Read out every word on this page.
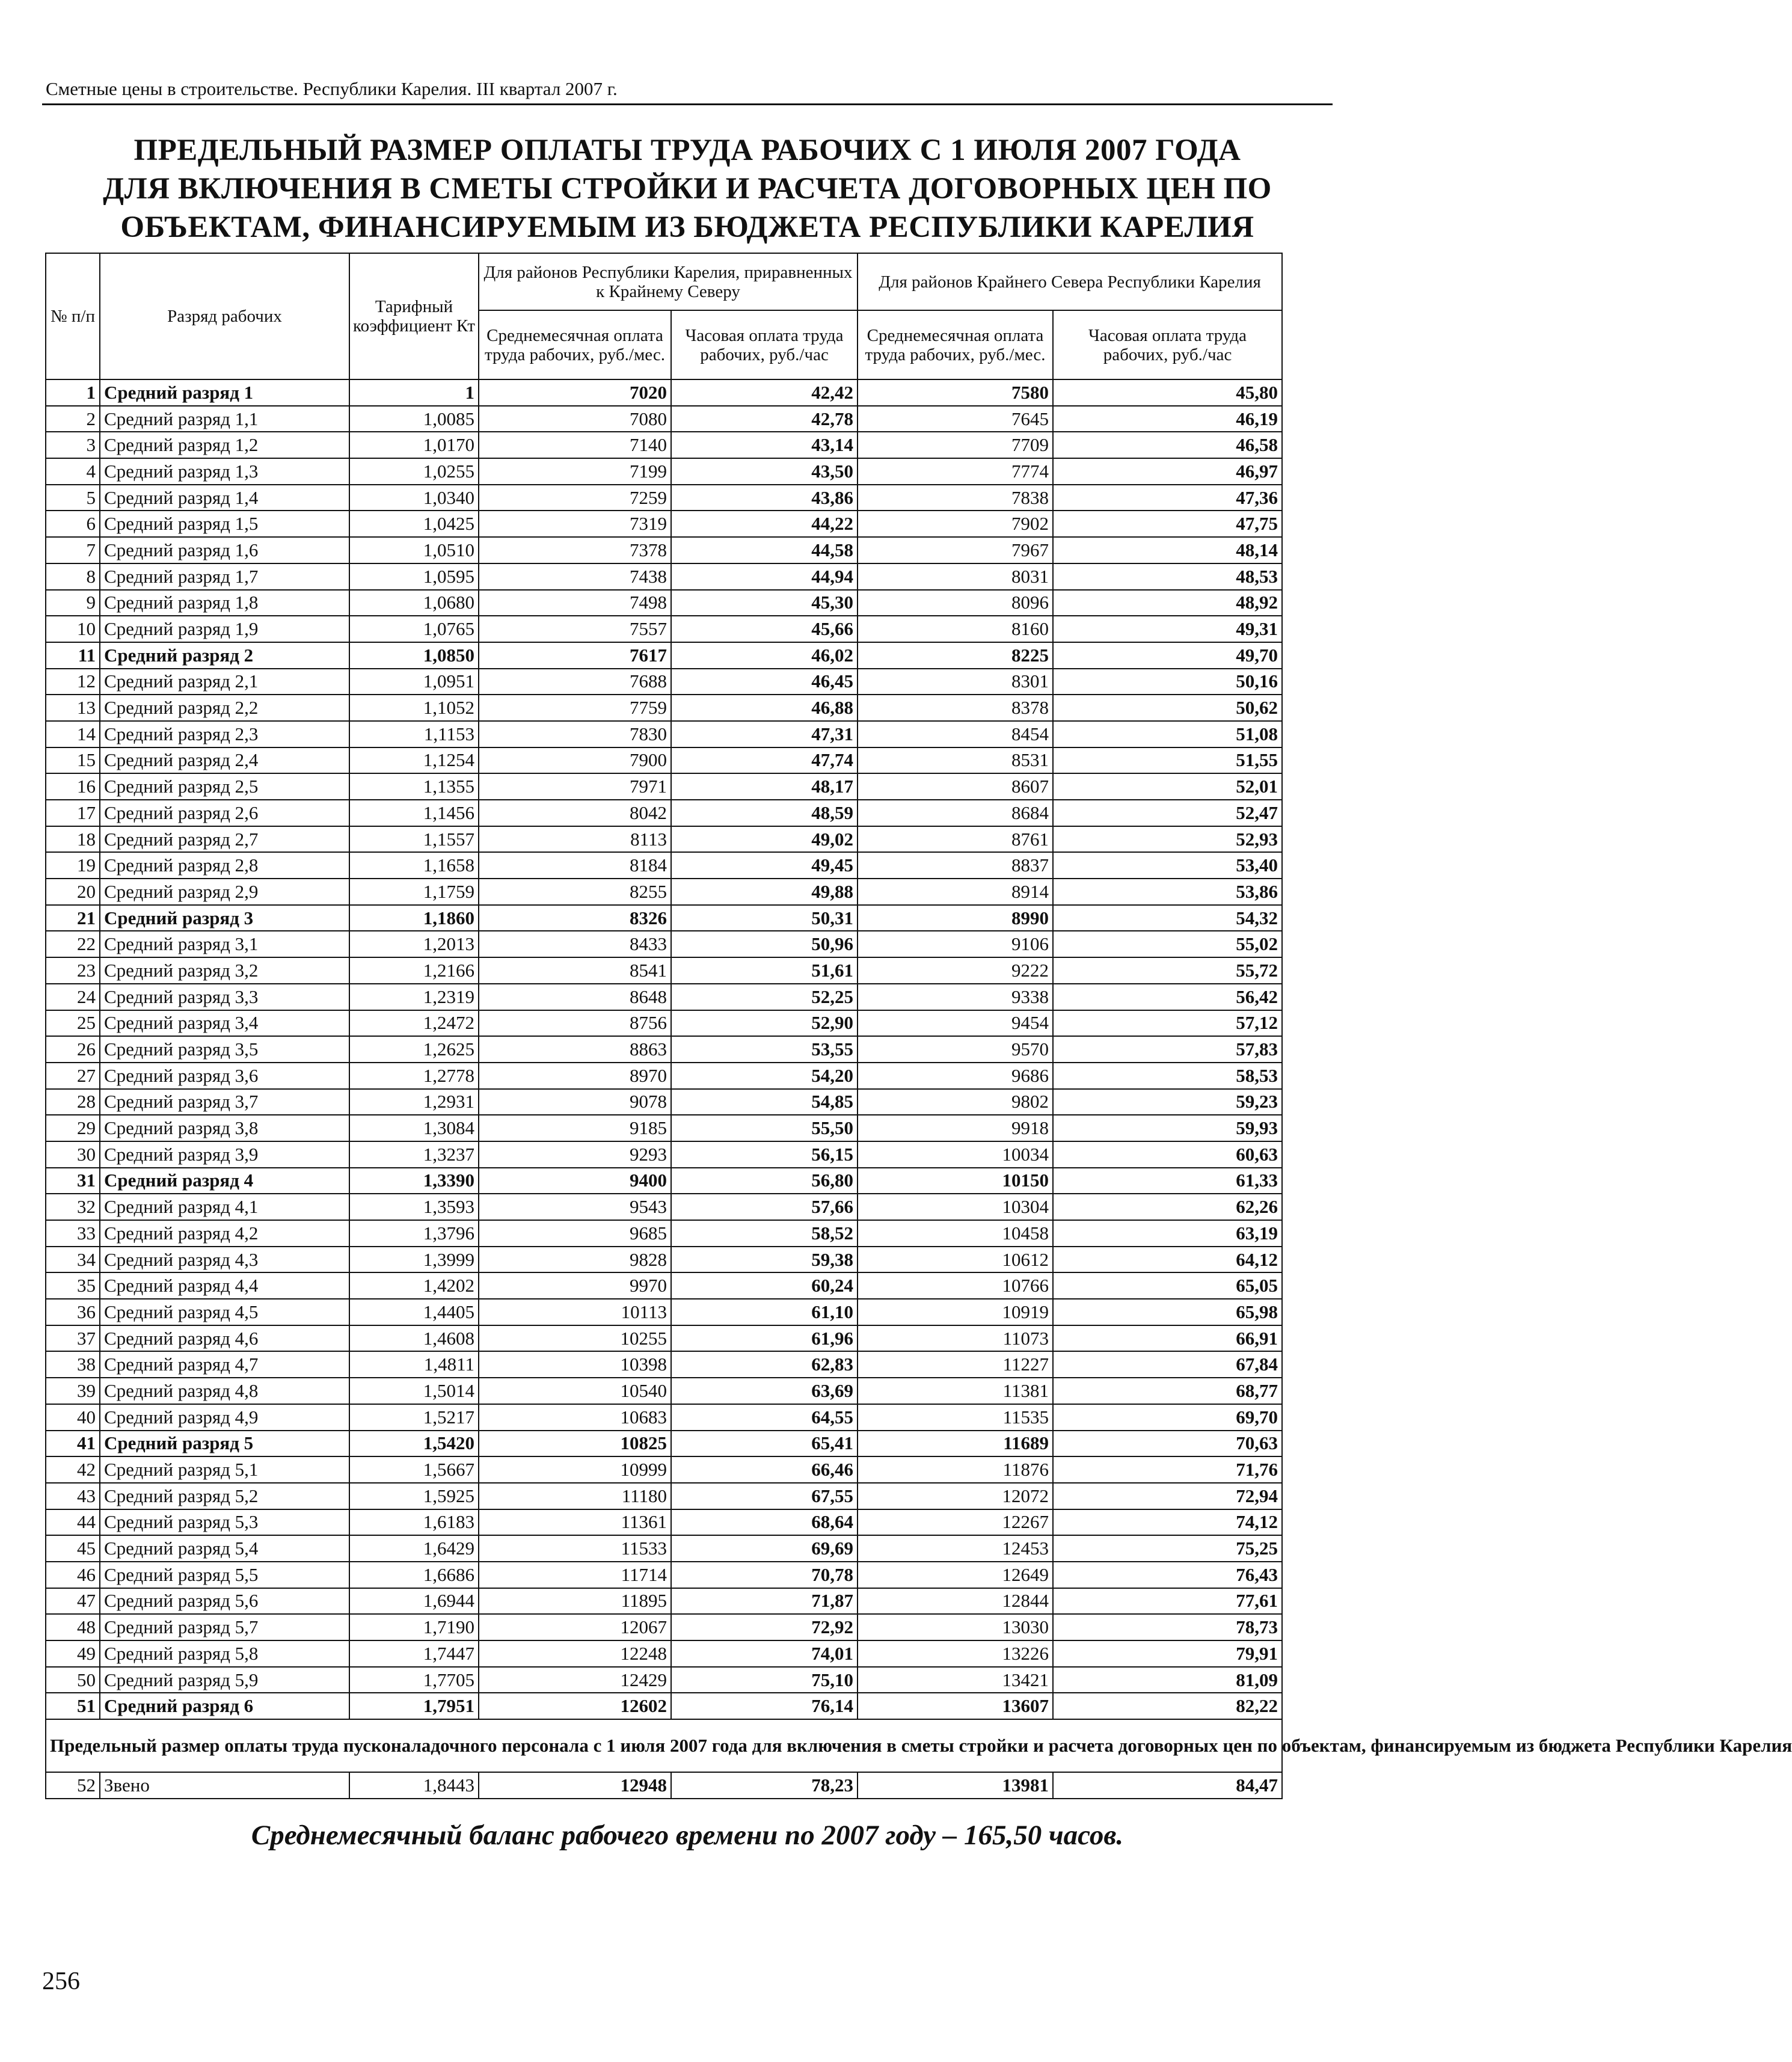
Сметные цены в строительстве. Республики Карелия. III квартал 2007 г.
ПРЕДЕЛЬНЫЙ РАЗМЕР ОПЛАТЫ ТРУДА РАБОЧИХ С 1 ИЮЛЯ 2007 ГОДА
ДЛЯ ВКЛЮЧЕНИЯ В СМЕТЫ СТРОЙКИ И РАСЧЕТА ДОГОВОРНЫХ ЦЕН ПО
ОБЪЕКТАМ, ФИНАНСИРУЕМЫМ ИЗ БЮДЖЕТА РЕСПУБЛИКИ КАРЕЛИЯ
№ п/п	Разряд рабочих	Тарифный коэффициент Кт	Для районов Республики Карелия, приравненных к Крайнему Северу		Для районов Крайнего Севера Республики Карелия	
			Среднемесячная оплата труда рабочих, руб./мес.	Часовая оплата труда рабочих, руб./час	Среднемесячная оплата труда рабочих, руб./мес.	Часовая оплата труда рабочих, руб./час
1	Средний разряд 1	1	7020	42,42	7580	45,80
2	Средний разряд 1,1	1,0085	7080	42,78	7645	46,19
3	Средний разряд 1,2	1,0170	7140	43,14	7709	46,58
4	Средний разряд 1,3	1,0255	7199	43,50	7774	46,97
5	Средний разряд 1,4	1,0340	7259	43,86	7838	47,36
6	Средний разряд 1,5	1,0425	7319	44,22	7902	47,75
7	Средний разряд 1,6	1,0510	7378	44,58	7967	48,14
8	Средний разряд 1,7	1,0595	7438	44,94	8031	48,53
9	Средний разряд 1,8	1,0680	7498	45,30	8096	48,92
10	Средний разряд 1,9	1,0765	7557	45,66	8160	49,31
11	Средний разряд 2	1,0850	7617	46,02	8225	49,70
12	Средний разряд 2,1	1,0951	7688	46,45	8301	50,16
13	Средний разряд 2,2	1,1052	7759	46,88	8378	50,62
14	Средний разряд 2,3	1,1153	7830	47,31	8454	51,08
15	Средний разряд 2,4	1,1254	7900	47,74	8531	51,55
16	Средний разряд 2,5	1,1355	7971	48,17	8607	52,01
17	Средний разряд 2,6	1,1456	8042	48,59	8684	52,47
18	Средний разряд 2,7	1,1557	8113	49,02	8761	52,93
19	Средний разряд 2,8	1,1658	8184	49,45	8837	53,40
20	Средний разряд 2,9	1,1759	8255	49,88	8914	53,86
21	Средний разряд 3	1,1860	8326	50,31	8990	54,32
22	Средний разряд 3,1	1,2013	8433	50,96	9106	55,02
23	Средний разряд 3,2	1,2166	8541	51,61	9222	55,72
24	Средний разряд 3,3	1,2319	8648	52,25	9338	56,42
25	Средний разряд 3,4	1,2472	8756	52,90	9454	57,12
26	Средний разряд 3,5	1,2625	8863	53,55	9570	57,83
27	Средний разряд 3,6	1,2778	8970	54,20	9686	58,53
28	Средний разряд 3,7	1,2931	9078	54,85	9802	59,23
29	Средний разряд 3,8	1,3084	9185	55,50	9918	59,93
30	Средний разряд 3,9	1,3237	9293	56,15	10034	60,63
31	Средний разряд 4	1,3390	9400	56,80	10150	61,33
32	Средний разряд 4,1	1,3593	9543	57,66	10304	62,26
33	Средний разряд 4,2	1,3796	9685	58,52	10458	63,19
34	Средний разряд 4,3	1,3999	9828	59,38	10612	64,12
35	Средний разряд 4,4	1,4202	9970	60,24	10766	65,05
36	Средний разряд 4,5	1,4405	10113	61,10	10919	65,98
37	Средний разряд 4,6	1,4608	10255	61,96	11073	66,91
38	Средний разряд 4,7	1,4811	10398	62,83	11227	67,84
39	Средний разряд 4,8	1,5014	10540	63,69	11381	68,77
40	Средний разряд 4,9	1,5217	10683	64,55	11535	69,70
41	Средний разряд 5	1,5420	10825	65,41	11689	70,63
42	Средний разряд 5,1	1,5667	10999	66,46	11876	71,76
43	Средний разряд 5,2	1,5925	11180	67,55	12072	72,94
44	Средний разряд 5,3	1,6183	11361	68,64	12267	74,12
45	Средний разряд 5,4	1,6429	11533	69,69	12453	75,25
46	Средний разряд 5,5	1,6686	11714	70,78	12649	76,43
47	Средний разряд 5,6	1,6944	11895	71,87	12844	77,61
48	Средний разряд 5,7	1,7190	12067	72,92	13030	78,73
49	Средний разряд 5,8	1,7447	12248	74,01	13226	79,91
50	Средний разряд 5,9	1,7705	12429	75,10	13421	81,09
51	Средний разряд 6	1,7951	12602	76,14	13607	82,22
Предельный размер оплаты труда пусконаладочного персонала с 1 июля 2007 года для включения в сметы стройки и расчета договорных цен по объектам, финансируемым из бюджета Республики Карелия						
52	Звено	1,8443	12948	78,23	13981	84,47
Среднемесячный баланс рабочего времени по 2007 году – 165,50 часов.
256
